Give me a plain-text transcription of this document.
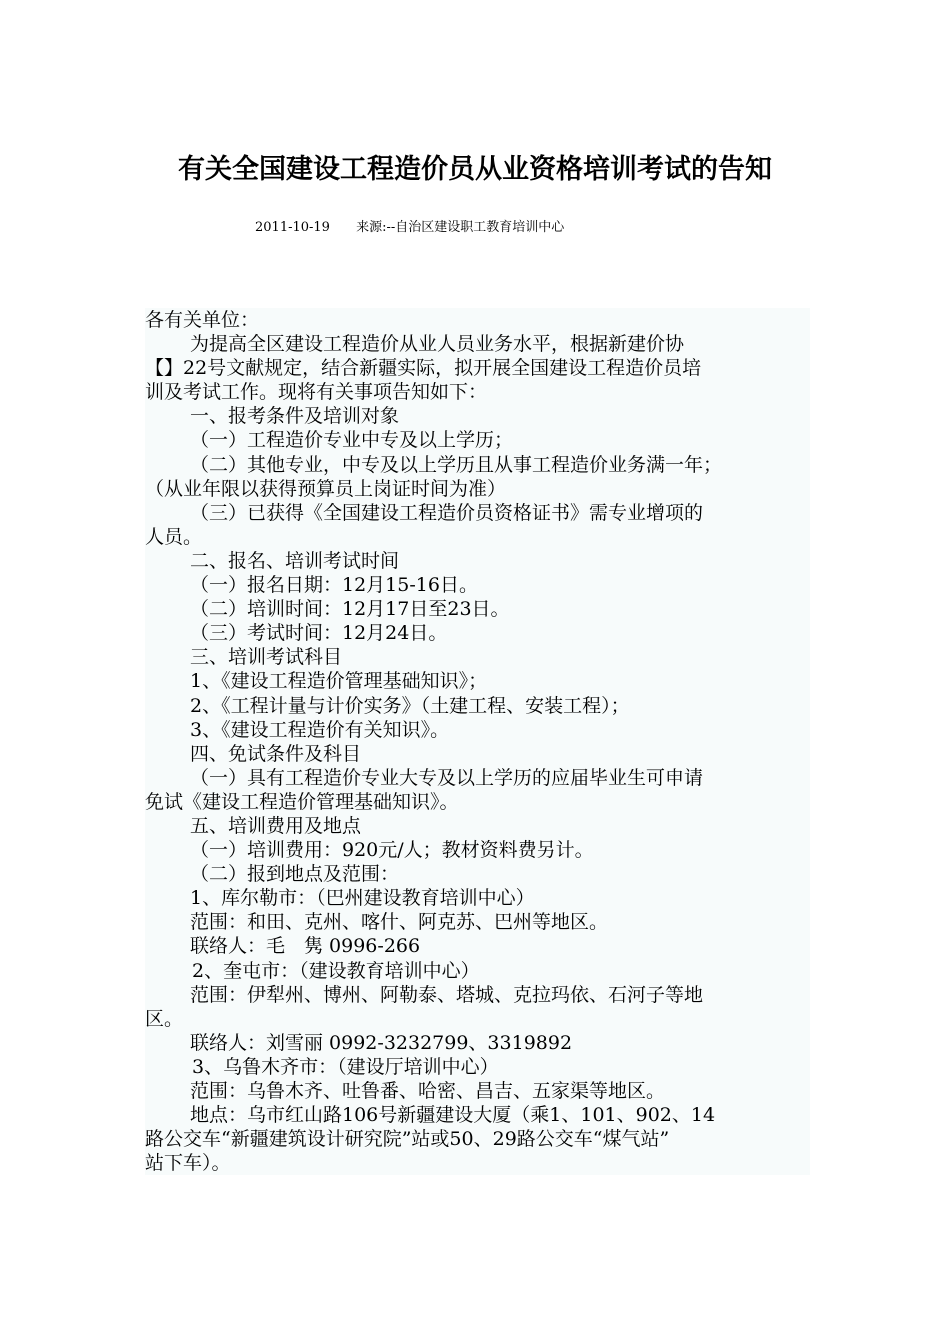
有关全国建设工程造价员从业资格培训考试的告知
2011-10-19 来源:--自治区建设职工教育培训中心
各有关单位：
为提高全区建设工程造价从业人员业务水平，根据新建价协
【】22号文献规定，结合新疆实际，拟开展全国建设工程造价员培
训及考试工作。现将有关事项告知如下：
一、报考条件及培训对象
（一）工程造价专业中专及以上学历；
（二）其他专业，中专及以上学历且从事工程造价业务满一年；
（从业年限以获得预算员上岗证时间为准）
（三）已获得《全国建设工程造价员资格证书》需专业增项的
人员。
二、报名、培训考试时间
（一）报名日期：12月15-16日。
（二）培训时间：12月17日至23日。
（三）考试时间：12月24日。
三、培训考试科目
1、《建设工程造价管理基础知识》；
2、《工程计量与计价实务》（土建工程、安装工程）；
3、《建设工程造价有关知识》。
四、免试条件及科目
（一）具有工程造价专业大专及以上学历的应届毕业生可申请
免试《建设工程造价管理基础知识》。
五、培训费用及地点
（一）培训费用：920元/人；教材资料费另计。
（二）报到地点及范围：
1、库尔勒市：（巴州建设教育培训中心）
范围：和田、克州、喀什、阿克苏、巴州等地区。
联络人：毛　隽 0996-266
2、奎屯市：（建设教育培训中心）
范围：伊犁州、博州、阿勒泰、塔城、克拉玛依、石河子等地
区。
联络人：刘雪丽 0992-3232799、3319892
3、乌鲁木齐市：（建设厅培训中心）
范围：乌鲁木齐、吐鲁番、哈密、昌吉、五家渠等地区。
地点：乌市红山路106号新疆建设大厦（乘1、101、902、14
路公交车“新疆建筑设计研究院”站或50、29路公交车“煤气站”
站下车）。
